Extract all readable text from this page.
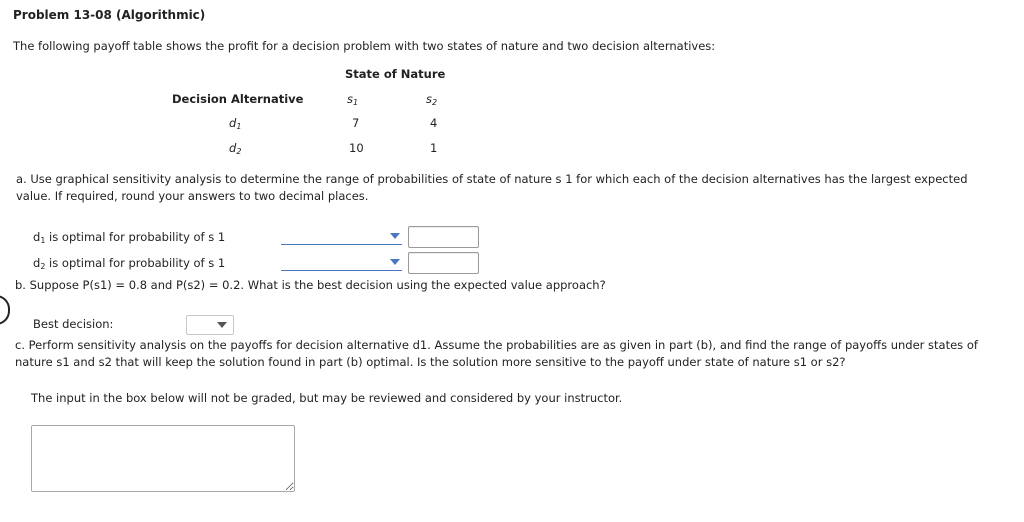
Problem 13-08 (Algorithmic)
The following payoff table shows the profit for a decision problem with two states of nature and two decision alternatives:
State of Nature
Decision Alternative	s1	s2
d1	7	4
d2	10	1
a. Use graphical sensitivity analysis to determine the range of probabilities of state of nature s 1 for which each of the decision alternatives has the largest expected value. If required, round your answers to two decimal places.
d1 is optimal for probability of s 1
d2 is optimal for probability of s 1
b. Suppose P(s1) = 0.8 and P(s2) = 0.2. What is the best decision using the expected value approach?
Best decision:
c. Perform sensitivity analysis on the payoffs for decision alternative d1. Assume the probabilities are as given in part (b), and find the range of payoffs under states of nature s1 and s2 that will keep the solution found in part (b) optimal. Is the solution more sensitive to the payoff under state of nature s1 or s2?
The input in the box below will not be graded, but may be reviewed and considered by your instructor.
